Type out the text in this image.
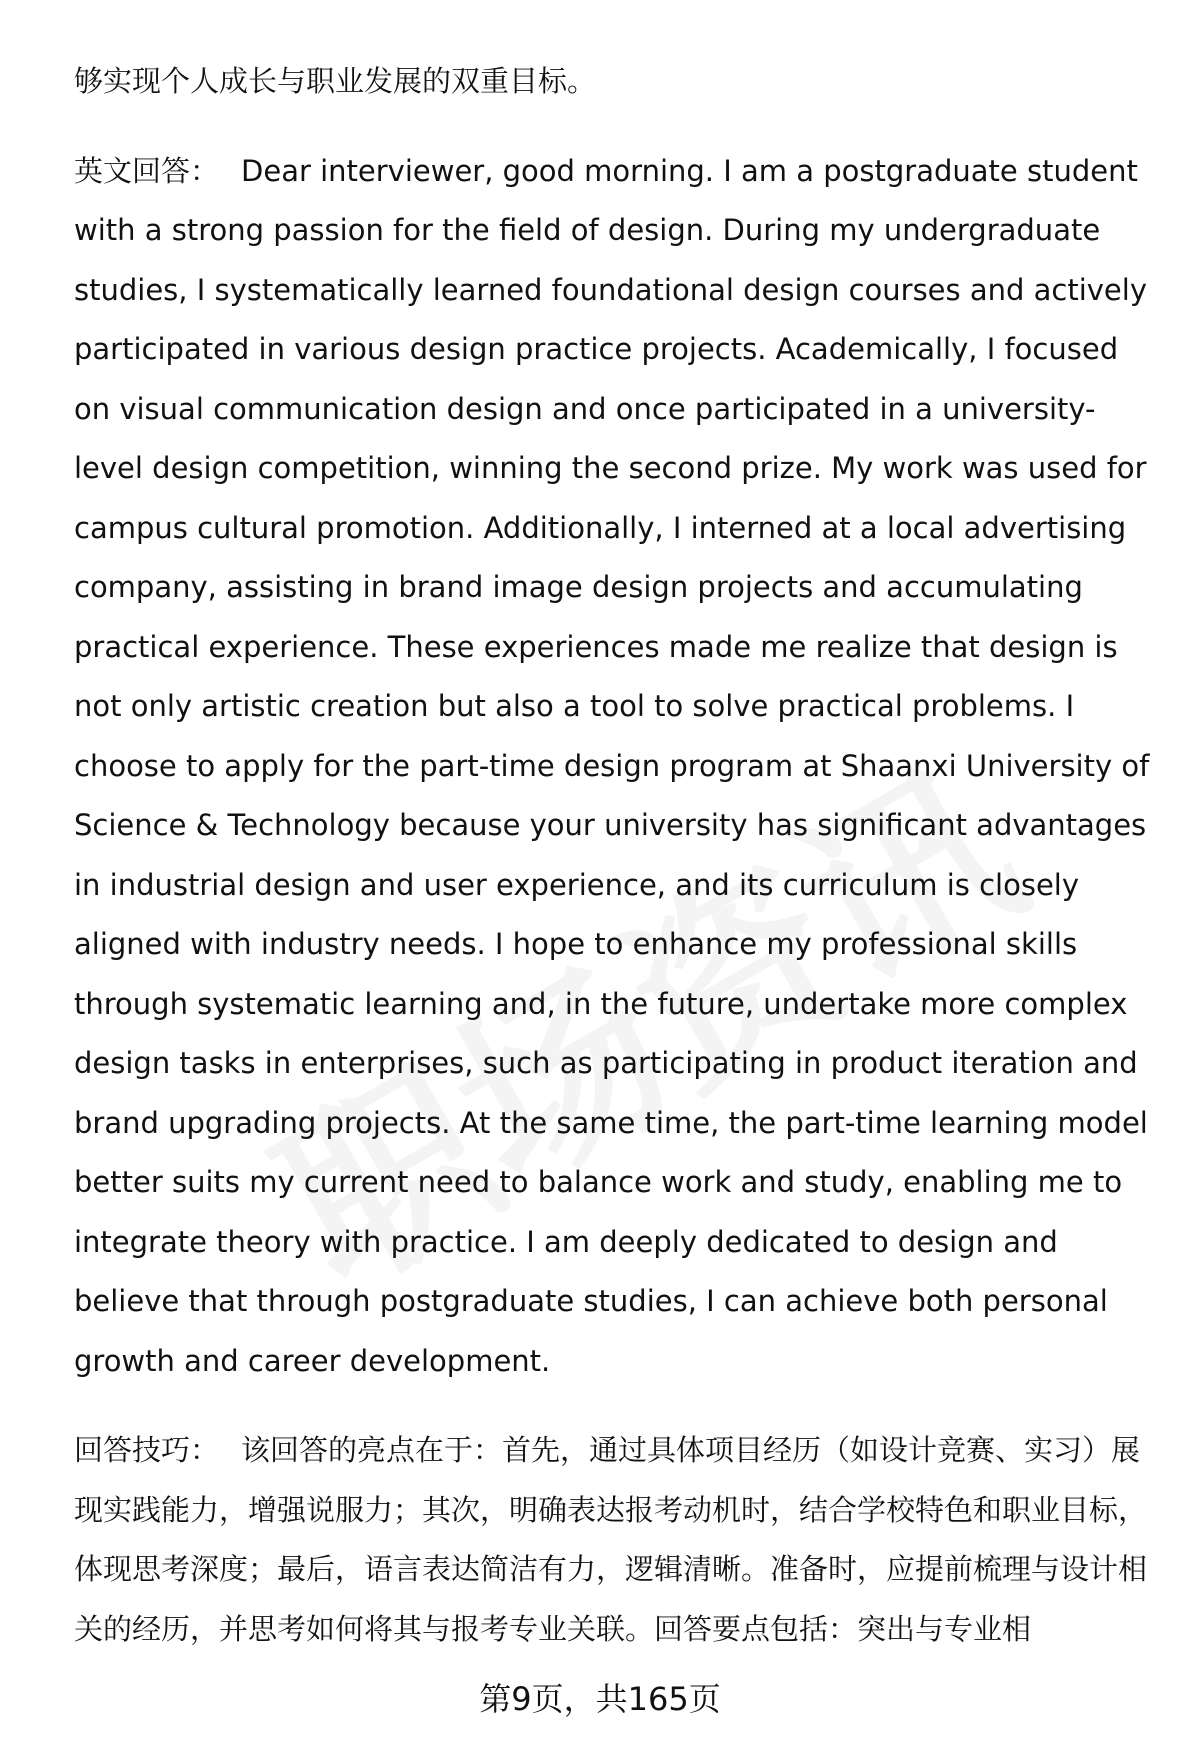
够实现个人成长与职业发展的双重目标。

英文回答： Dear interviewer, good morning. I am a postgraduate student with a strong passion for the field of design. During my undergraduate studies, I systematically learned foundational design courses and actively participated in various design practice projects. Academically, I focused on visual communication design and once participated in a university-level design competition, winning the second prize. My work was used for campus cultural promotion. Additionally, I interned at a local advertising company, assisting in brand image design projects and accumulating practical experience. These experiences made me realize that design is not only artistic creation but also a tool to solve practical problems. I choose to apply for the part-time design program at Shaanxi University of Science & Technology because your university has significant advantages in industrial design and user experience, and its curriculum is closely aligned with industry needs. I hope to enhance my professional skills through systematic learning and, in the future, undertake more complex design tasks in enterprises, such as participating in product iteration and brand upgrading projects. At the same time, the part-time learning model better suits my current need to balance work and study, enabling me to integrate theory with practice. I am deeply dedicated to design and believe that through postgraduate studies, I can achieve both personal growth and career development.

回答技巧： 该回答的亮点在于：首先，通过具体项目经历（如设计竞赛、实习）展现实践能力，增强说服力；其次，明确表达报考动机时，结合学校特色和职业目标，体现思考深度；最后，语言表达简洁有力，逻辑清晰。准备时，应提前梳理与设计相关的经历，并思考如何将其与报考专业关联。回答要点包括：突出与专业相

第9页，共165页
